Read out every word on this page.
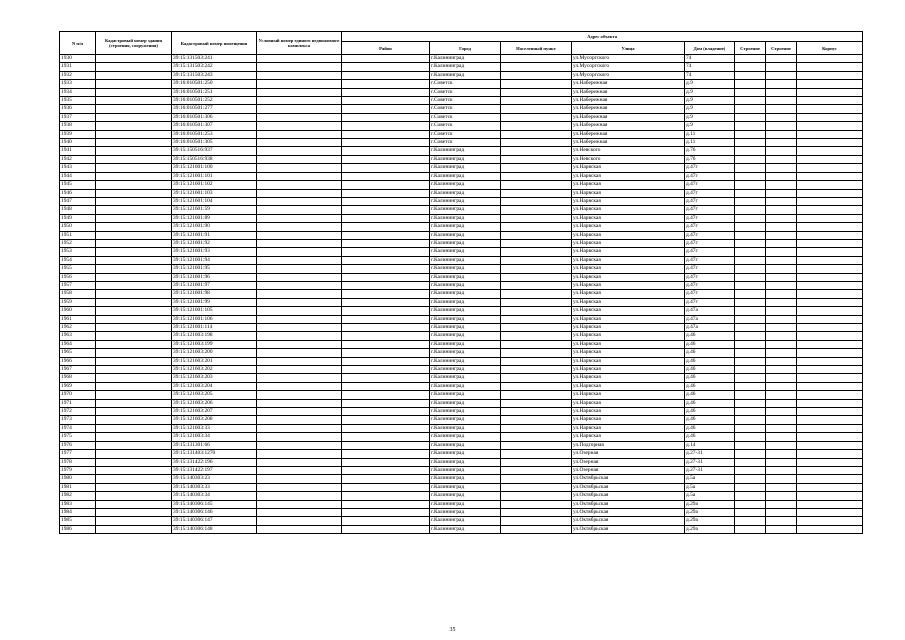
N п/п	Кадастровый номер здания (строения, сооружения)	Кадастровый номер помещения	Условный номер единого недвижимого комплекса	Адрес объекта							
				Район	Город	Населенный пункт	Улица	Дом (владение)	Строение	Строение	Корпус
1930		39:15:131503:241			г.Калининград		ул.Мусоргского	74			
1931		39:15:131503:242			г.Калининград		ул.Мусоргского	74			
1932		39:15:131503:243			г.Калининград		ул.Мусоргского	74			
1933		39:16:010501:250			г.Советск		ул.Набережная	д.9			
1934		39:16:010501:251			г.Советск		ул.Набережная	д.9			
1935		39:16:010501:252			г.Советск		ул.Набережная	д.9			
1936		39:16:010501:277			г.Советск		ул.Набережная	д.9			
1937		39:16:010501:306			г.Советск		ул.Набережная	д.9			
1938		39:16:010501:307			г.Советск		ул.Набережная	д.9			
1939		39:16:010501:253			г.Советск		ул.Набережная	д.11			
1940		39:16:010501:305			г.Советск		ул.Набережная	д.11			
1941		39:15:150516:937			г.Калининград		ул.Невского	д.76			
1942		39:15:150516:938			г.Калининград		ул.Невского	д.76			
1943		39:15:121601:100			г.Калининград		ул.Нарвская	д.47г			
1944		39:15:121601:101			г.Калининград		ул.Нарвская	д.47г			
1945		39:15:121601:102			г.Калининград		ул.Нарвская	д.47г			
1946		39:15:121601:103			г.Калининград		ул.Нарвская	д.47г			
1947		39:15:121601:104			г.Калининград		ул.Нарвская	д.47г			
1948		39:15:121601:59			г.Калининград		ул.Нарвская	д.47г			
1949		39:15:121601:89			г.Калининград		ул.Нарвская	д.47г			
1950		39:15:121601:90			г.Калининград		ул.Нарвская	д.47г			
1951		39:15:121601:91			г.Калининград		ул.Нарвская	д.47г			
1952		39:15:121601:92			г.Калининград		ул.Нарвская	д.47г			
1953		39:15:121601:93			г.Калининград		ул.Нарвская	д.47г			
1954		39:15:121601:94			г.Калининград		ул.Нарвская	д.47г			
1955		39:15:121601:95			г.Калининград		ул.Нарвская	д.47г			
1956		39:15:121601:96			г.Калининград		ул.Нарвская	д.47г			
1957		39:15:121601:97			г.Калининград		ул.Нарвская	д.47г			
1958		39:15:121601:98			г.Калининград		ул.Нарвская	д.47г			
1959		39:15:121601:99			г.Калининград		ул.Нарвская	д.47г			
1960		39:15:121601:105			г.Калининград		ул.Нарвская	д.47а			
1961		39:15:121601:106			г.Калининград		ул.Нарвская	д.47а			
1962		39:15:121601:114			г.Калининград		ул.Нарвская	д.47а			
1963		39:15:121603:198			г.Калининград		ул.Нарвская	д.46			
1964		39:15:121603:199			г.Калининград		ул.Нарвская	д.46			
1965		39:15:121603:200			г.Калининград		ул.Нарвская	д.46			
1966		39:15:121603:201			г.Калининград		ул.Нарвская	д.46			
1967		39:15:121603:202			г.Калининград		ул.Нарвская	д.46			
1968		39:15:121603:203			г.Калининград		ул.Нарвская	д.46			
1969		39:15:121603:204			г.Калининград		ул.Нарвская	д.46			
1970		39:15:121603:205			г.Калининград		ул.Нарвская	д.46			
1971		39:15:121603:206			г.Калининград		ул.Нарвская	д.46			
1972		39:15:121603:207			г.Калининград		ул.Нарвская	д.46			
1973		39:15:121603:208			г.Калининград		ул.Нарвская	д.46			
1974		39:15:121603:33			г.Калининград		ул.Нарвская	д.46			
1975		39:15:121603:34			г.Калининград		ул.Нарвская	д.46			
1976		39:15:131301:66			г.Калининград		ул.Подгорная	д.14			
1977		39:15:131403:1270			г.Калининград		ул.Озерная	д.27-31			
1978		39:15:131422:196			г.Калининград		ул.Озерная	д.27-31			
1979		39:15:131422:197			г.Калининград		ул.Озерная	д.27-31			
1980		39:15:140303:23			г.Калининград		ул.Октябрьская	д.5а			
1981		39:15:140303:33			г.Калининград		ул.Октябрьская	д.5а			
1982		39:15:140303:34			г.Калининград		ул.Октябрьская	д.5а			
1983		39:15:140306:145			г.Калининград		ул.Октябрьская	д.29а			
1984		39:15:140306:146			г.Калининград		ул.Октябрьская	д.29а			
1985		39:15:140306:147			г.Калининград		ул.Октябрьская	д.29а			
1986		39:15:140306:148			г.Калининград		ул.Октябрьская	д.29а			
35
